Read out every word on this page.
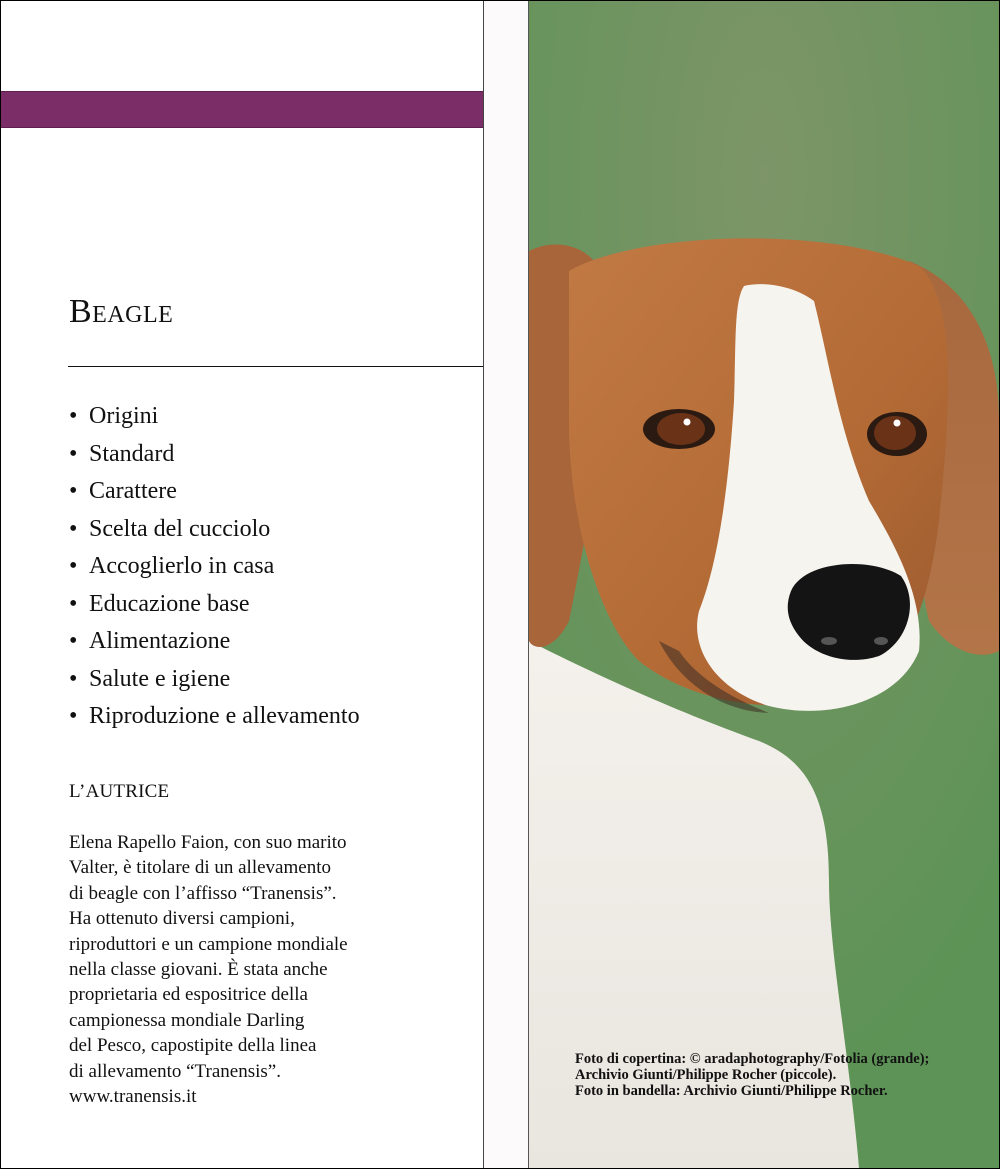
Beagle
• Origini
• Standard
• Carattere
• Scelta del cucciolo
• Accoglierlo in casa
• Educazione base
• Alimentazione
• Salute e igiene
• Riproduzione e allevamento
L’AUTRICE
Elena Rapello Faion, con suo marito
Valter, è titolare di un allevamento
di beagle con l’affisso “Tranensis”.
Ha ottenuto diversi campioni,
riproduttori e un campione mondiale
nella classe giovani. È stata anche
proprietaria ed espositrice della
campionessa mondiale Darling
del Pesco, capostipite della linea
di allevamento “Tranensis”.
www.tranensis.it
Foto di copertina: © aradaphotography/Fotolia (grande);
Archivio Giunti/Philippe Rocher (piccole).
Foto in bandella: Archivio Giunti/Philippe Rocher.
